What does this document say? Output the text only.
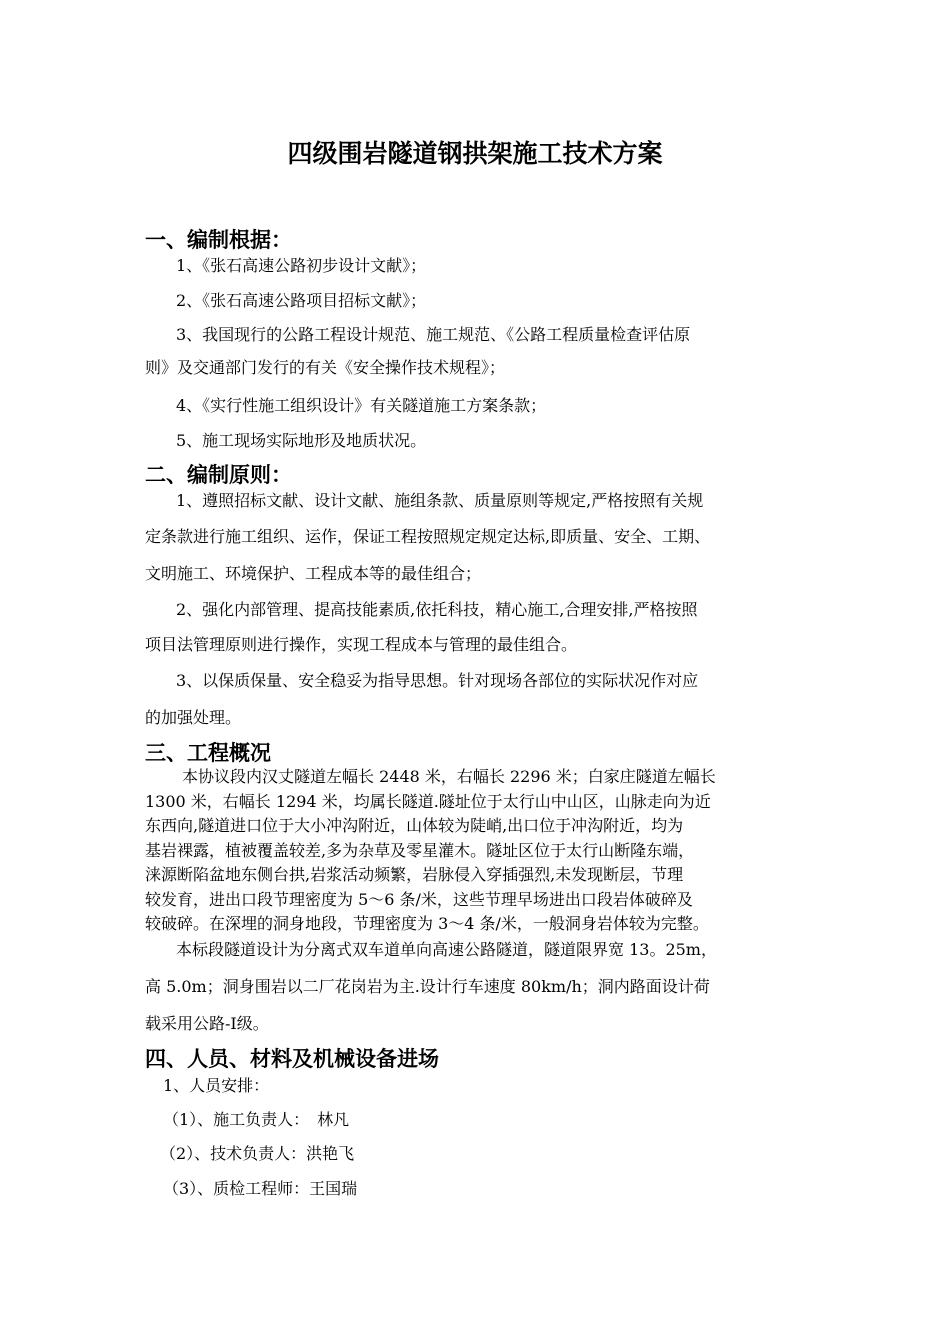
四级围岩隧道钢拱架施工技术方案
一、编制根据：
1、《张石高速公路初步设计文献》；
2、《张石高速公路项目招标文献》；
3、我国现行的公路工程设计规范、施工规范、《公路工程质量检查评估原
则》及交通部门发行的有关《安全操作技术规程》；
4、《实行性施工组织设计》有关隧道施工方案条款；
5、施工现场实际地形及地质状况。
二、编制原则：
1、遵照招标文献、设计文献、施组条款、质量原则等规定,严格按照有关规
定条款进行施工组织、运作，保证工程按照规定规定达标,即质量、安全、工期、
文明施工、环境保护、工程成本等的最佳组合；
2、强化内部管理、提高技能素质,依托科技，精心施工,合理安排,严格按照
项目法管理原则进行操作，实现工程成本与管理的最佳组合。
3、以保质保量、安全稳妥为指导思想。针对现场各部位的实际状况作对应
的加强处理。
三、工程概况
本协议段内汉丈隧道左幅长 2448 米，右幅长 2296 米；白家庄隧道左幅长
1300 米，右幅长 1294 米，均属长隧道.隧址位于太行山中山区，山脉走向为近
东西向,隧道进口位于大小冲沟附近，山体较为陡峭,出口位于冲沟附近，均为
基岩裸露，植被覆盖较差,多为杂草及零星灌木。隧址区位于太行山断隆东端，
涞源断陷盆地东侧台拱,岩浆活动频繁，岩脉侵入穿插强烈,未发现断层，节理
较发育，进出口段节理密度为 5～6 条/米，这些节理早场进出口段岩体破碎及
较破碎。在深埋的洞身地段，节理密度为 3～4 条/米，一般洞身岩体较为完整。
本标段隧道设计为分离式双车道单向高速公路隧道，隧道限界宽 13。25m，
高 5.0m；洞身围岩以二厂花岗岩为主.设计行车速度 80km/h；洞内路面设计荷
载采用公路-I级。
四、人员、材料及机械设备进场
1、人员安排：
（1）、施工负责人：　林凡
（2）、技术负责人：洪艳飞
（3）、质检工程师：王国瑞
